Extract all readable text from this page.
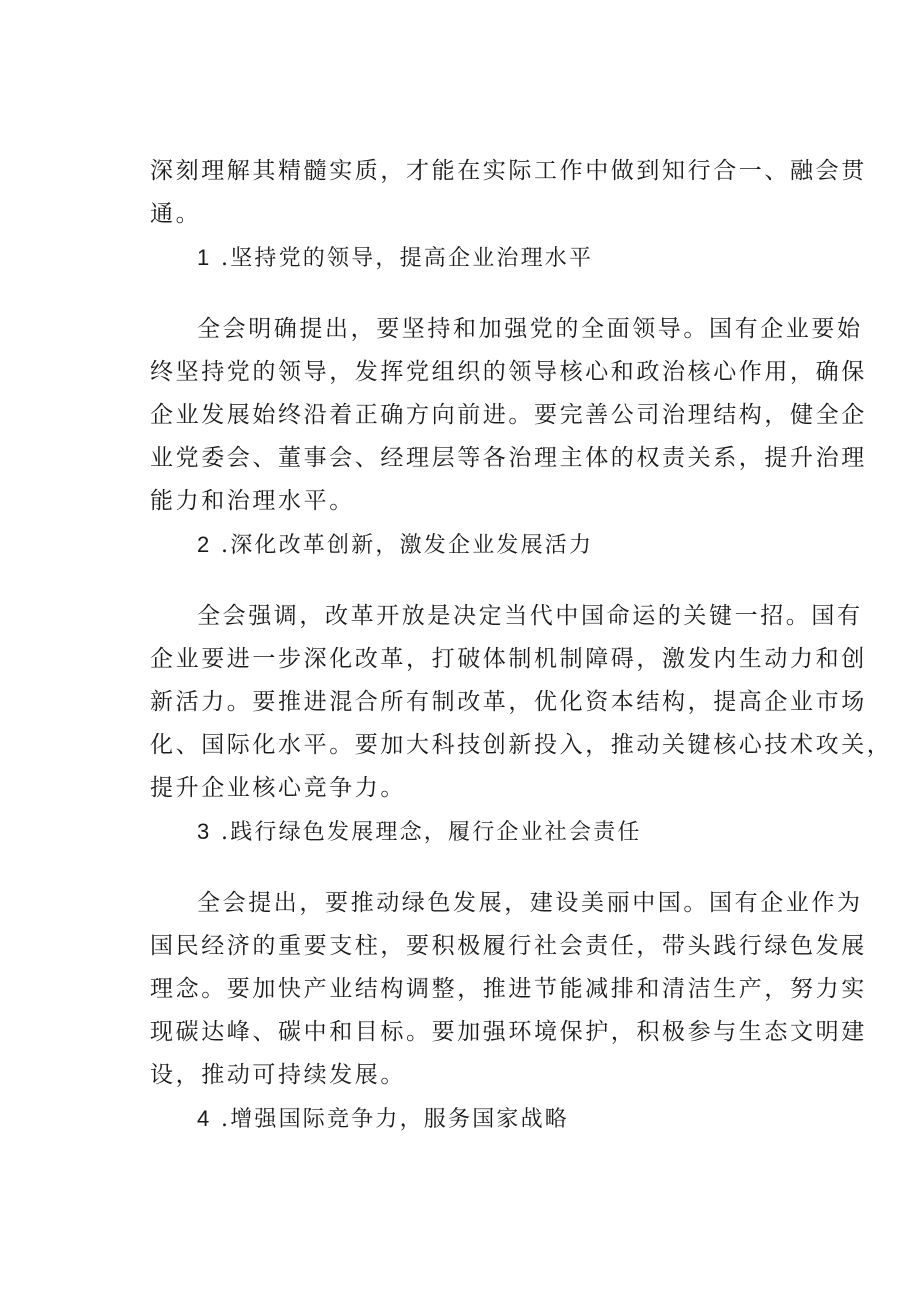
深刻理解其精髓实质，才能在实际工作中做到知行合一、融会贯
通。
1 .坚持党的领导，提高企业治理水平
全会明确提出，要坚持和加强党的全面领导。国有企业要始
终坚持党的领导，发挥党组织的领导核心和政治核心作用，确保
企业发展始终沿着正确方向前进。要完善公司治理结构，健全企
业党委会、董事会、经理层等各治理主体的权责关系，提升治理
能力和治理水平。
2 .深化改革创新，激发企业发展活力
全会强调，改革开放是决定当代中国命运的关键一招。国有
企业要进一步深化改革，打破体制机制障碍，激发内生动力和创
新活力。要推进混合所有制改革，优化资本结构，提高企业市场
化、国际化水平。要加大科技创新投入，推动关键核心技术攻关，
提升企业核心竞争力。
3 .践行绿色发展理念，履行企业社会责任
全会提出，要推动绿色发展，建设美丽中国。国有企业作为
国民经济的重要支柱，要积极履行社会责任，带头践行绿色发展
理念。要加快产业结构调整，推进节能减排和清洁生产，努力实
现碳达峰、碳中和目标。要加强环境保护，积极参与生态文明建
设，推动可持续发展。
4 .增强国际竞争力，服务国家战略
